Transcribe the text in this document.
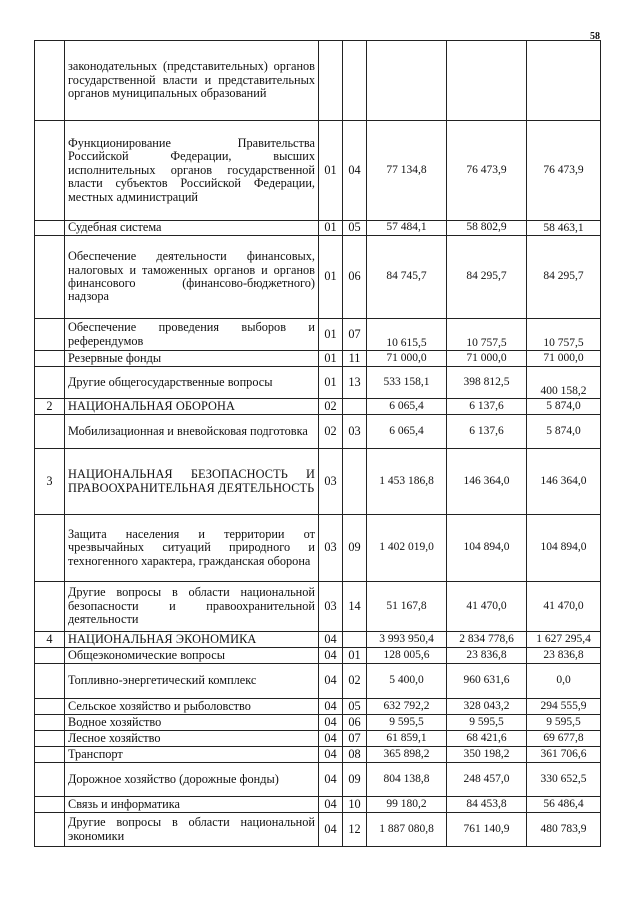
58
	законодательных (представительных) органов государственной власти и представительных органов муниципальных образований					
	Функционирование Правительства Российской Федерации, высших исполнительных органов государственной власти субъектов Российской Федерации, местных администраций	01	04	77 134,8	76 473,9	76 473,9
	Судебная система	01	05	57 484,1	58 802,9	58 463,1
	Обеспечение деятельности финансовых, налоговых и таможенных органов и органов финансового (финансово-бюджетного) надзора	01	06	84 745,7	84 295,7	84 295,7
	Обеспечение проведения выборов и референдумов	01	07	10 615,5	10 757,5	10 757,5
	Резервные фонды	01	11	71 000,0	71 000,0	71 000,0
	Другие общегосударственные вопросы	01	13	533 158,1	398 812,5	400 158,2
2	НАЦИОНАЛЬНАЯ ОБОРОНА	02		6 065,4	6 137,6	5 874,0
	Мобилизационная и вневойсковая подготовка	02	03	6 065,4	6 137,6	5 874,0
3	НАЦИОНАЛЬНАЯ БЕЗОПАСНОСТЬ И ПРАВООХРАНИТЕЛЬНАЯ ДЕЯТЕЛЬНОСТЬ	03		1 453 186,8	146 364,0	146 364,0
	Защита населения и территории от чрезвычайных ситуаций природного и техногенного характера, гражданская оборона	03	09	1 402 019,0	104 894,0	104 894,0
	Другие вопросы в области национальной безопасности и правоохранительной деятельности	03	14	51 167,8	41 470,0	41 470,0
4	НАЦИОНАЛЬНАЯ ЭКОНОМИКА	04		3 993 950,4	2 834 778,6	1 627 295,4
	Общеэкономические вопросы	04	01	128 005,6	23 836,8	23 836,8
	Топливно-энергетический комплекс	04	02	5 400,0	960 631,6	0,0
	Сельское хозяйство и рыболовство	04	05	632 792,2	328 043,2	294 555,9
	Водное хозяйство	04	06	9 595,5	9 595,5	9 595,5
	Лесное хозяйство	04	07	61 859,1	68 421,6	69 677,8
	Транспорт	04	08	365 898,2	350 198,2	361 706,6
	Дорожное хозяйство (дорожные фонды)	04	09	804 138,8	248 457,0	330 652,5
	Связь и информатика	04	10	99 180,2	84 453,8	56 486,4
	Другие вопросы в области национальной экономики	04	12	1 887 080,8	761 140,9	480 783,9
